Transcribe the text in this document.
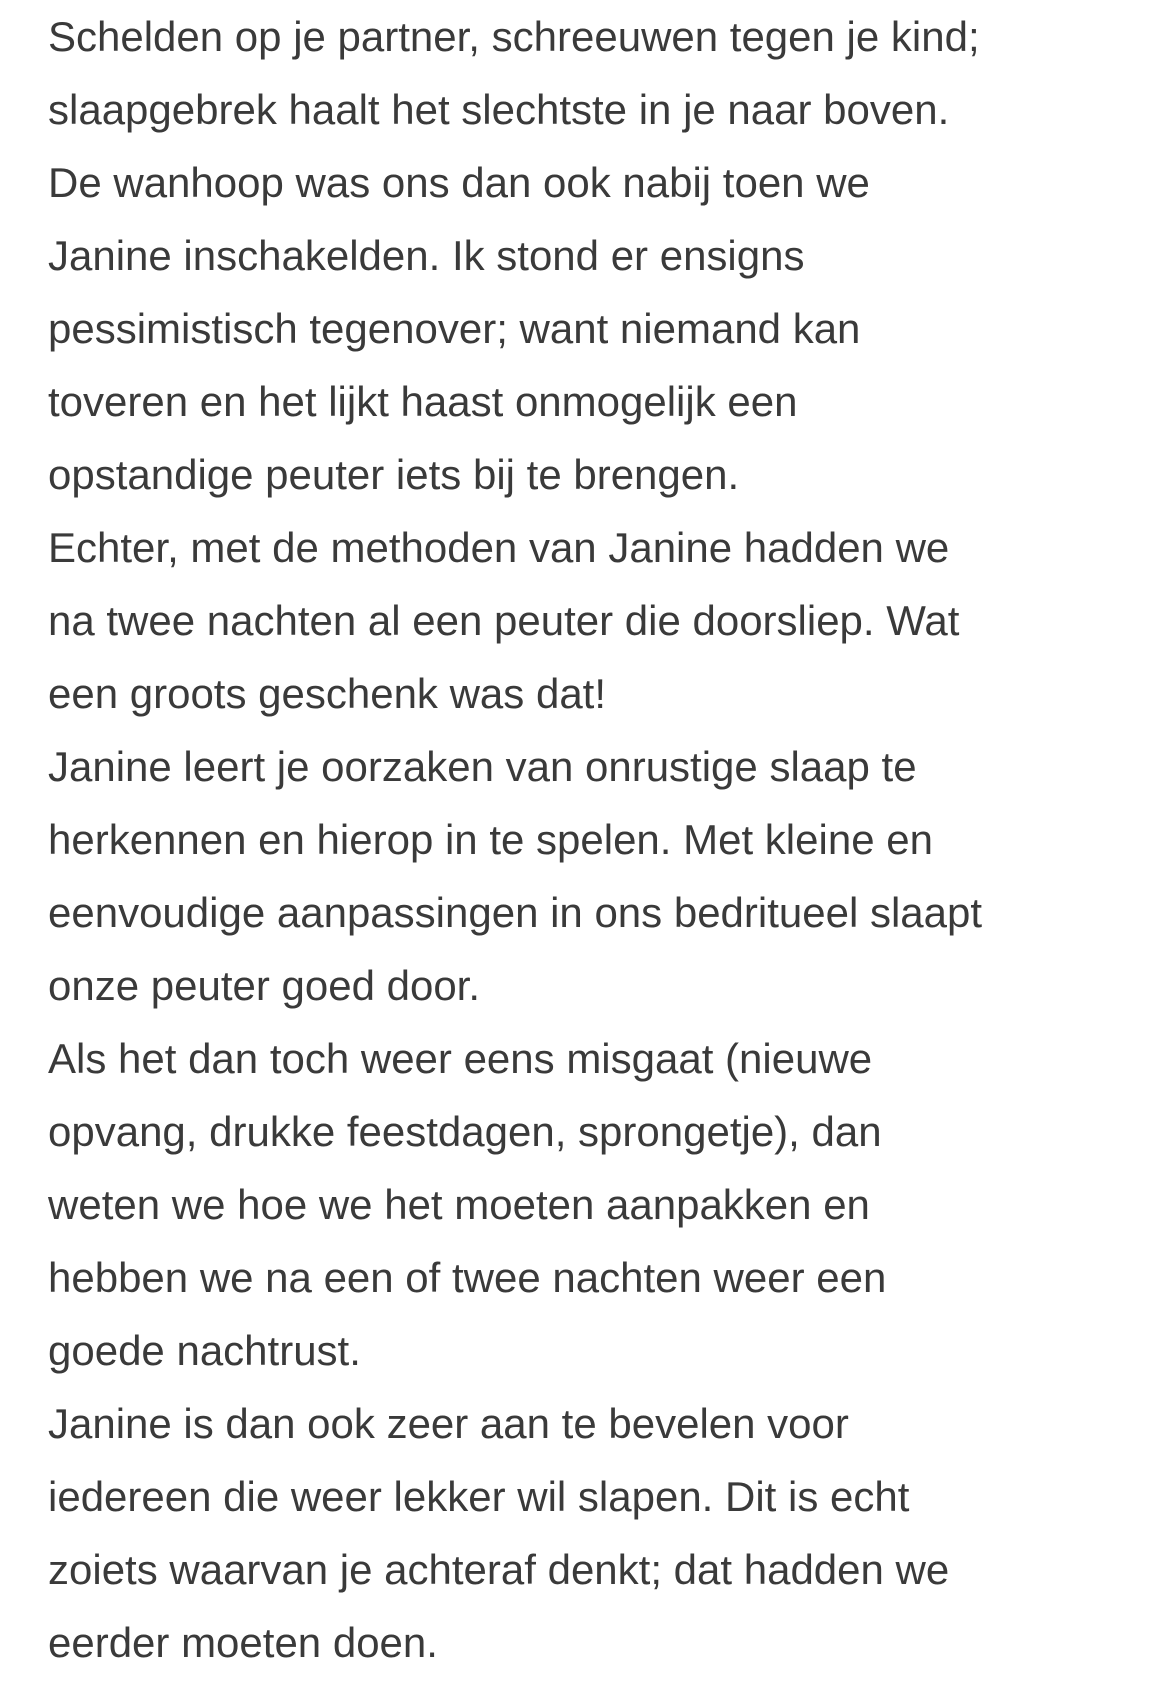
Schelden op je partner, schreeuwen tegen je kind;
slaapgebrek haalt het slechtste in je naar boven.
De wanhoop was ons dan ook nabij toen we
Janine inschakelden. Ik stond er ensigns
pessimistisch tegenover; want niemand kan
toveren en het lijkt haast onmogelijk een
opstandige peuter iets bij te brengen.
Echter, met de methoden van Janine hadden we
na twee nachten al een peuter die doorsliep. Wat
een groots geschenk was dat!
Janine leert je oorzaken van onrustige slaap te
herkennen en hierop in te spelen. Met kleine en
eenvoudige aanpassingen in ons bedritueel slaapt
onze peuter goed door.
Als het dan toch weer eens misgaat (nieuwe
opvang, drukke feestdagen, sprongetje), dan
weten we hoe we het moeten aanpakken en
hebben we na een of twee nachten weer een
goede nachtrust.
Janine is dan ook zeer aan te bevelen voor
iedereen die weer lekker wil slapen. Dit is echt
zoiets waarvan je achteraf denkt; dat hadden we
eerder moeten doen.
